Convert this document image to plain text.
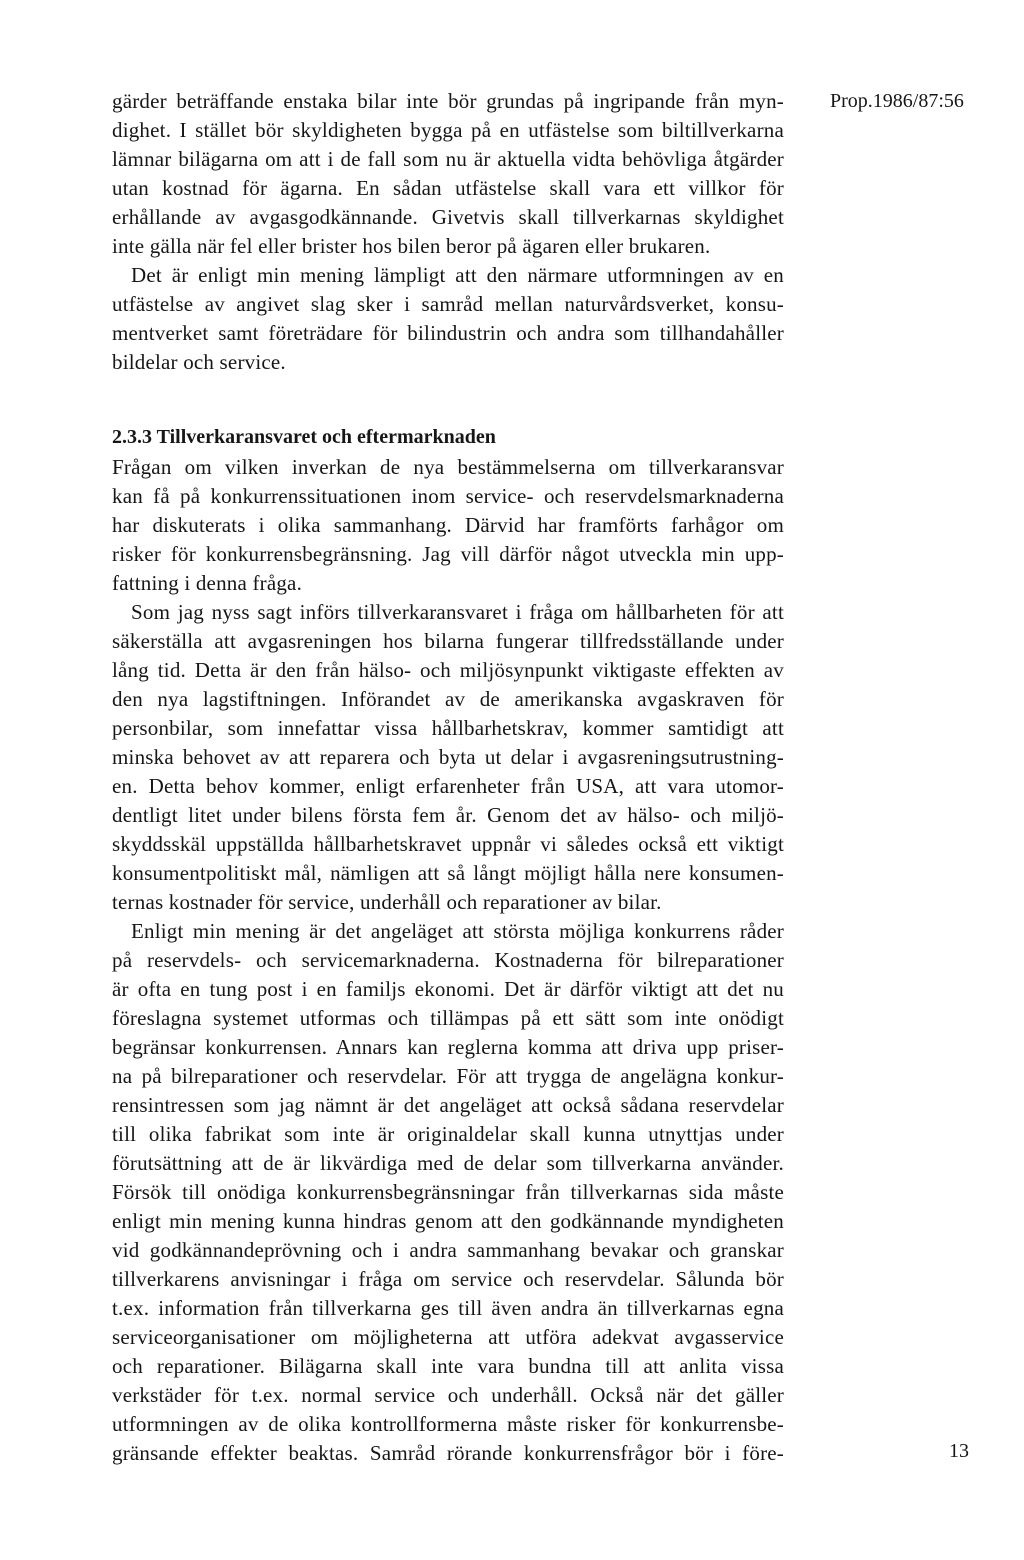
Prop.1986/87:56
gärder beträffande enstaka bilar inte bör grundas på ingripande från myn-
dighet. I stället bör skyldigheten bygga på en utfästelse som biltillverkarna
lämnar bilägarna om att i de fall som nu är aktuella vidta behövliga åtgärder
utan kostnad för ägarna. En sådan utfästelse skall vara ett villkor för
erhållande av avgasgodkännande. Givetvis skall tillverkarnas skyldighet
inte gälla när fel eller brister hos bilen beror på ägaren eller brukaren.
Det är enligt min mening lämpligt att den närmare utformningen av en
utfästelse av angivet slag sker i samråd mellan naturvårdsverket, konsu-
mentverket samt företrädare för bilindustrin och andra som tillhandahåller
bildelar och service.
2.3.3 Tillverkaransvaret och eftermarknaden
Frågan om vilken inverkan de nya bestämmelserna om tillverkaransvar
kan få på konkurrenssituationen inom service- och reservdelsmarknaderna
har diskuterats i olika sammanhang. Därvid har framförts farhågor om
risker för konkurrensbegränsning. Jag vill därför något utveckla min upp-
fattning i denna fråga.
Som jag nyss sagt införs tillverkaransvaret i fråga om hållbarheten för att
säkerställa att avgasreningen hos bilarna fungerar tillfredsställande under
lång tid. Detta är den från hälso- och miljösynpunkt viktigaste effekten av
den nya lagstiftningen. Införandet av de amerikanska avgaskraven för
personbilar, som innefattar vissa hållbarhetskrav, kommer samtidigt att
minska behovet av att reparera och byta ut delar i avgasreningsutrustning-
en. Detta behov kommer, enligt erfarenheter från USA, att vara utomor-
dentligt litet under bilens första fem år. Genom det av hälso- och miljö-
skyddsskäl uppställda hållbarhetskravet uppnår vi således också ett viktigt
konsumentpolitiskt mål, nämligen att så långt möjligt hålla nere konsumen-
ternas kostnader för service, underhåll och reparationer av bilar.
Enligt min mening är det angeläget att största möjliga konkurrens råder
på reservdels- och servicemarknaderna. Kostnaderna för bilreparationer
är ofta en tung post i en familjs ekonomi. Det är därför viktigt att det nu
föreslagna systemet utformas och tillämpas på ett sätt som inte onödigt
begränsar konkurrensen. Annars kan reglerna komma att driva upp priser-
na på bilreparationer och reservdelar. För att trygga de angelägna konkur-
rensintressen som jag nämnt är det angeläget att också sådana reservdelar
till olika fabrikat som inte är originaldelar skall kunna utnyttjas under
förutsättning att de är likvärdiga med de delar som tillverkarna använder.
Försök till onödiga konkurrensbegränsningar från tillverkarnas sida måste
enligt min mening kunna hindras genom att den godkännande myndigheten
vid godkännandeprövning och i andra sammanhang bevakar och granskar
tillverkarens anvisningar i fråga om service och reservdelar. Sålunda bör
t.ex. information från tillverkarna ges till även andra än tillverkarnas egna
serviceorganisationer om möjligheterna att utföra adekvat avgasservice
och reparationer. Bilägarna skall inte vara bundna till att anlita vissa
verkstäder för t.ex. normal service och underhåll. Också när det gäller
utformningen av de olika kontrollformerna måste risker för konkurrensbe-
gränsande effekter beaktas. Samråd rörande konkurrensfrågor bör i före-	13
